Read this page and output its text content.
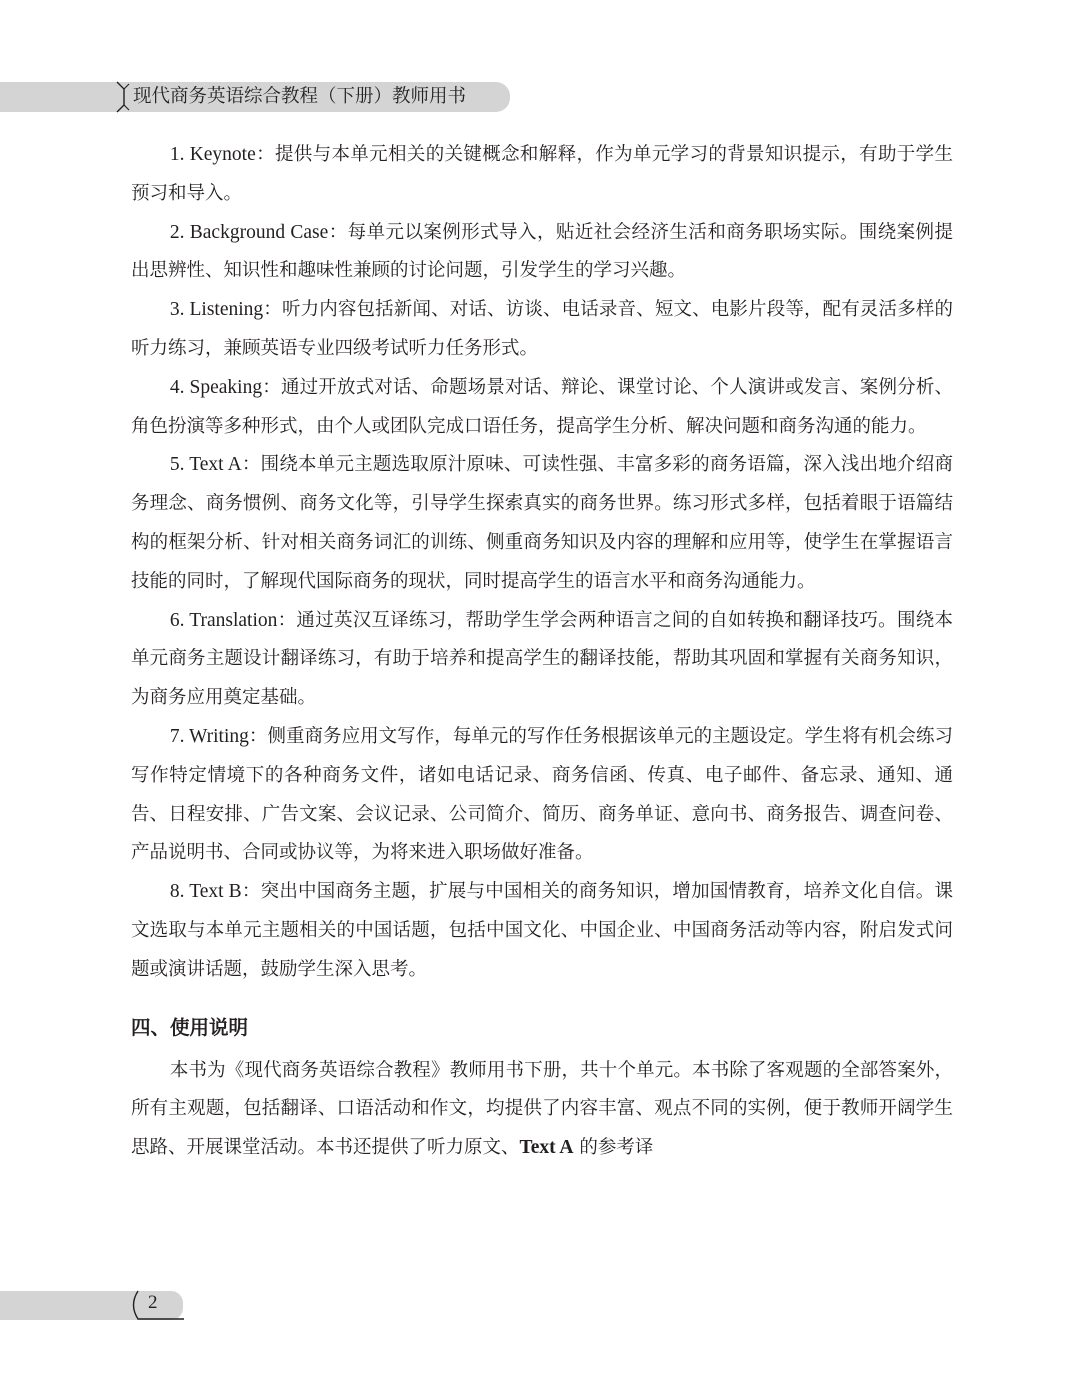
现代商务英语综合教程（下册）教师用书

1. Keynote：提供与本单元相关的关键概念和解释，作为单元学习的背景知识提示，有助于学生预习和导入。

2. Background Case：每单元以案例形式导入，贴近社会经济生活和商务职场实际。围绕案例提出思辨性、知识性和趣味性兼顾的讨论问题，引发学生的学习兴趣。

3. Listening：听力内容包括新闻、对话、访谈、电话录音、短文、电影片段等，配有灵活多样的听力练习，兼顾英语专业四级考试听力任务形式。

4. Speaking：通过开放式对话、命题场景对话、辩论、课堂讨论、个人演讲或发言、案例分析、角色扮演等多种形式，由个人或团队完成口语任务，提高学生分析、解决问题和商务沟通的能力。

5. Text A：围绕本单元主题选取原汁原味、可读性强、丰富多彩的商务语篇，深入浅出地介绍商务理念、商务惯例、商务文化等，引导学生探索真实的商务世界。练习形式多样，包括着眼于语篇结构的框架分析、针对相关商务词汇的训练、侧重商务知识及内容的理解和应用等，使学生在掌握语言技能的同时，了解现代国际商务的现状，同时提高学生的语言水平和商务沟通能力。

6. Translation：通过英汉互译练习，帮助学生学会两种语言之间的自如转换和翻译技巧。围绕本单元商务主题设计翻译练习，有助于培养和提高学生的翻译技能，帮助其巩固和掌握有关商务知识，为商务应用奠定基础。

7. Writing：侧重商务应用文写作，每单元的写作任务根据该单元的主题设定。学生将有机会练习写作特定情境下的各种商务文件，诸如电话记录、商务信函、传真、电子邮件、备忘录、通知、通告、日程安排、广告文案、会议记录、公司简介、简历、商务单证、意向书、商务报告、调查问卷、产品说明书、合同或协议等，为将来进入职场做好准备。

8. Text B：突出中国商务主题，扩展与中国相关的商务知识，增加国情教育，培养文化自信。课文选取与本单元主题相关的中国话题，包括中国文化、中国企业、中国商务活动等内容，附启发式问题或演讲话题，鼓励学生深入思考。

四、使用说明

本书为《现代商务英语综合教程》教师用书下册，共十个单元。本书除了客观题的全部答案外，所有主观题，包括翻译、口语活动和作文，均提供了内容丰富、观点不同的实例，便于教师开阔学生思路、开展课堂活动。本书还提供了听力原文、Text A 的参考译

2
